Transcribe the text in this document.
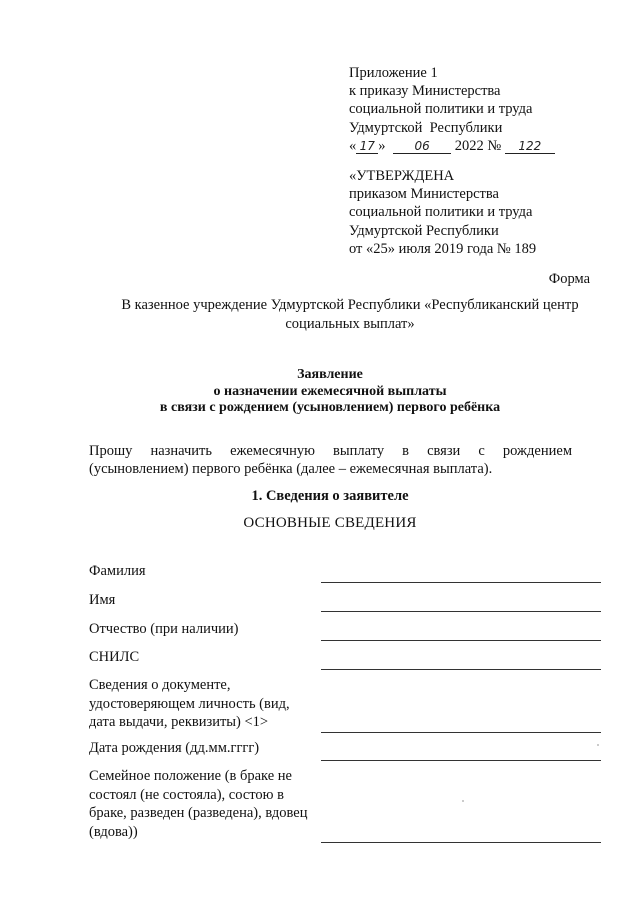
Приложение 1
к приказу Министерства
социальной политики и труда
Удмуртской  Республики
« 17 » 06 2022 № 122
«УТВЕРЖДЕНА
приказом Министерства
социальной политики и труда
Удмуртской Республики
от «25» июля 2019 года № 189
Форма
В казенное учреждение Удмуртской Республики «Республиканский центр
социальных выплат»
Заявление
о назначении ежемесячной выплаты
в связи с рождением (усыновлением) первого ребёнка
Прошу назначить ежемесячную выплату в связи с рождением
(усыновлением) первого ребёнка (далее – ежемесячная выплата).
1. Сведения о заявителе
ОСНОВНЫЕ СВЕДЕНИЯ
Фамилия
Имя
Отчество (при наличии)
СНИЛС
Сведения о документе, удостоверяющем личность (вид, дата выдачи, реквизиты) <1>
Дата рождения (дд.мм.гггг)
Семейное положение (в браке не состоял (не состояла), состою в браке, разведен (разведена), вдовец (вдова))
